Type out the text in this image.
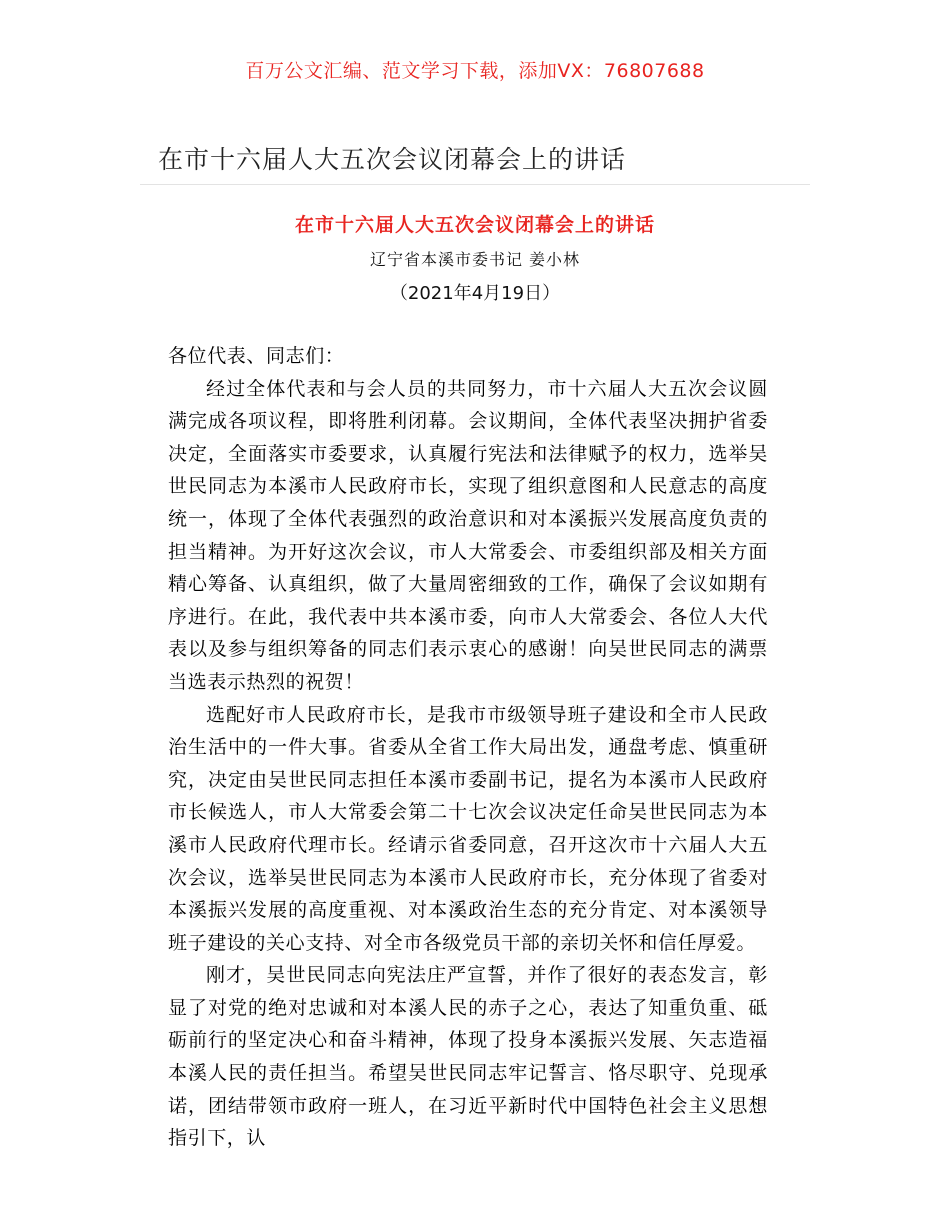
百万公文汇编、范文学习下载，添加VX：76807688
在市十六届人大五次会议闭幕会上的讲话
在市十六届人大五次会议闭幕会上的讲话
辽宁省本溪市委书记 姜小林
（2021年4月19日）

各位代表、同志们：

经过全体代表和与会人员的共同努力，市十六届人大五次会议圆满完成各项议程，即将胜利闭幕。会议期间，全体代表坚决拥护省委决定，全面落实市委要求，认真履行宪法和法律赋予的权力，选举吴世民同志为本溪市人民政府市长，实现了组织意图和人民意志的高度统一，体现了全体代表强烈的政治意识和对本溪振兴发展高度负责的担当精神。为开好这次会议，市人大常委会、市委组织部及相关方面精心筹备、认真组织，做了大量周密细致的工作，确保了会议如期有序进行。在此，我代表中共本溪市委，向市人大常委会、各位人大代表以及参与组织筹备的同志们表示衷心的感谢！向吴世民同志的满票当选表示热烈的祝贺！

选配好市人民政府市长，是我市市级领导班子建设和全市人民政治生活中的一件大事。省委从全省工作大局出发，通盘考虑、慎重研究，决定由吴世民同志担任本溪市委副书记，提名为本溪市人民政府市长候选人，市人大常委会第二十七次会议决定任命吴世民同志为本溪市人民政府代理市长。经请示省委同意，召开这次市十六届人大五次会议，选举吴世民同志为本溪市人民政府市长，充分体现了省委对本溪振兴发展的高度重视、对本溪政治生态的充分肯定、对本溪领导班子建设的关心支持、对全市各级党员干部的亲切关怀和信任厚爱。

刚才，吴世民同志向宪法庄严宣誓，并作了很好的表态发言，彰显了对党的绝对忠诚和对本溪人民的赤子之心，表达了知重负重、砥砺前行的坚定决心和奋斗精神，体现了投身本溪振兴发展、矢志造福本溪人民的责任担当。希望吴世民同志牢记誓言、恪尽职守、兑现承诺，团结带领市政府一班人，在习近平新时代中国特色社会主义思想指引下，认
